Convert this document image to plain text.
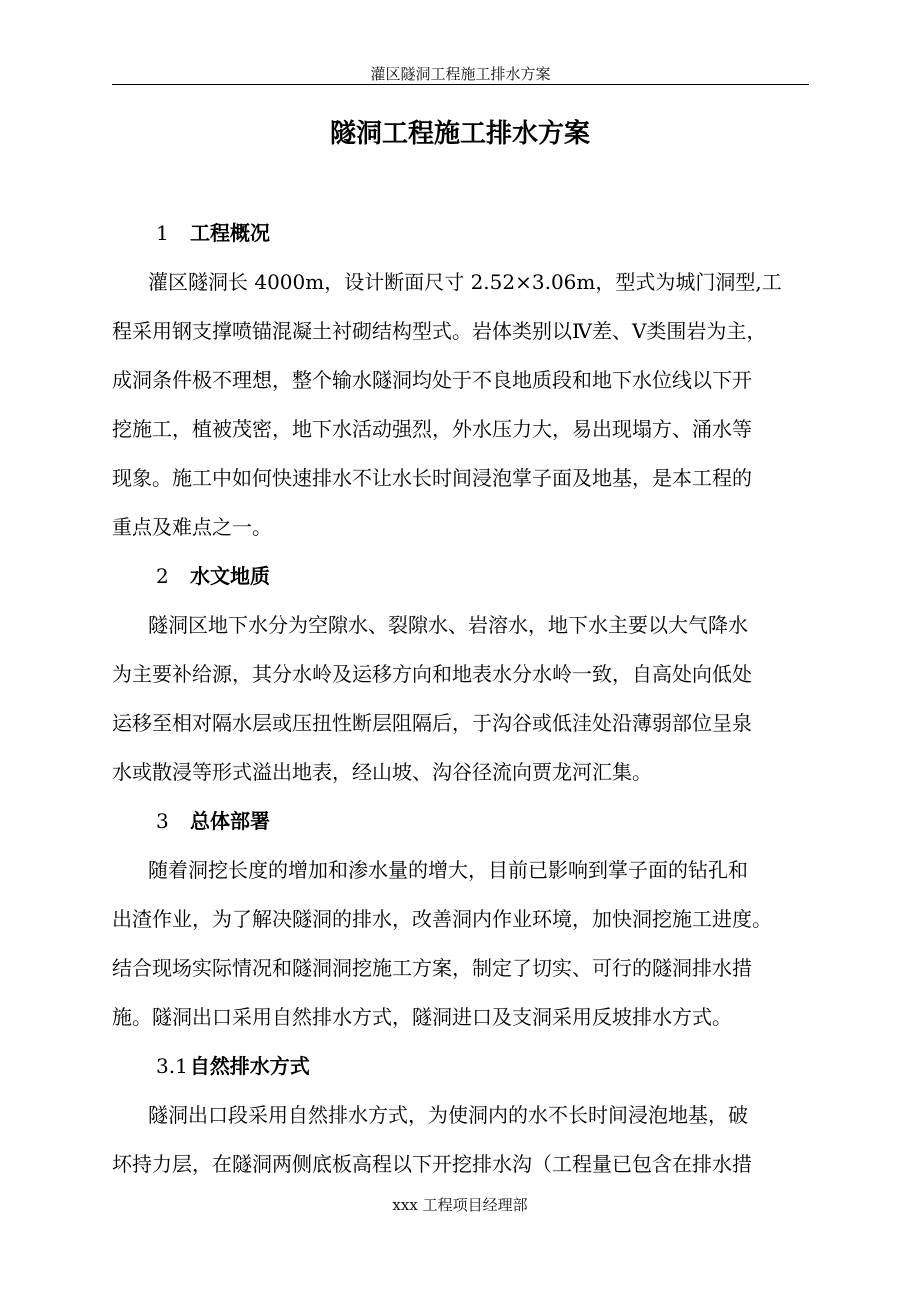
灌区隧洞工程施工排水方案
隧洞工程施工排水方案
1 工程概况
灌区隧洞长 4000m，设计断面尺寸 2.52×3.06m，型式为城门洞型,工
程采用钢支撑喷锚混凝土衬砌结构型式。岩体类别以Ⅳ差、Ⅴ类围岩为主，
成洞条件极不理想，整个输水隧洞均处于不良地质段和地下水位线以下开
挖施工，植被茂密，地下水活动强烈，外水压力大，易出现塌方、涌水等
现象。施工中如何快速排水不让水长时间浸泡掌子面及地基，是本工程的
重点及难点之一。
2 水文地质
隧洞区地下水分为空隙水、裂隙水、岩溶水，地下水主要以大气降水
为主要补给源，其分水岭及运移方向和地表水分水岭一致，自高处向低处
运移至相对隔水层或压扭性断层阻隔后，于沟谷或低洼处沿薄弱部位呈泉
水或散浸等形式溢出地表，经山坡、沟谷径流向贾龙河汇集。
3 总体部署
随着洞挖长度的增加和渗水量的增大，目前已影响到掌子面的钻孔和
出渣作业，为了解决隧洞的排水，改善洞内作业环境，加快洞挖施工进度。
结合现场实际情况和隧洞洞挖施工方案，制定了切实、可行的隧洞排水措
施。隧洞出口采用自然排水方式，隧洞进口及支洞采用反坡排水方式。
3.1 自然排水方式
隧洞出口段采用自然排水方式，为使洞内的水不长时间浸泡地基，破
坏持力层，在隧洞两侧底板高程以下开挖排水沟（工程量已包含在排水措
xxx 工程项目经理部
